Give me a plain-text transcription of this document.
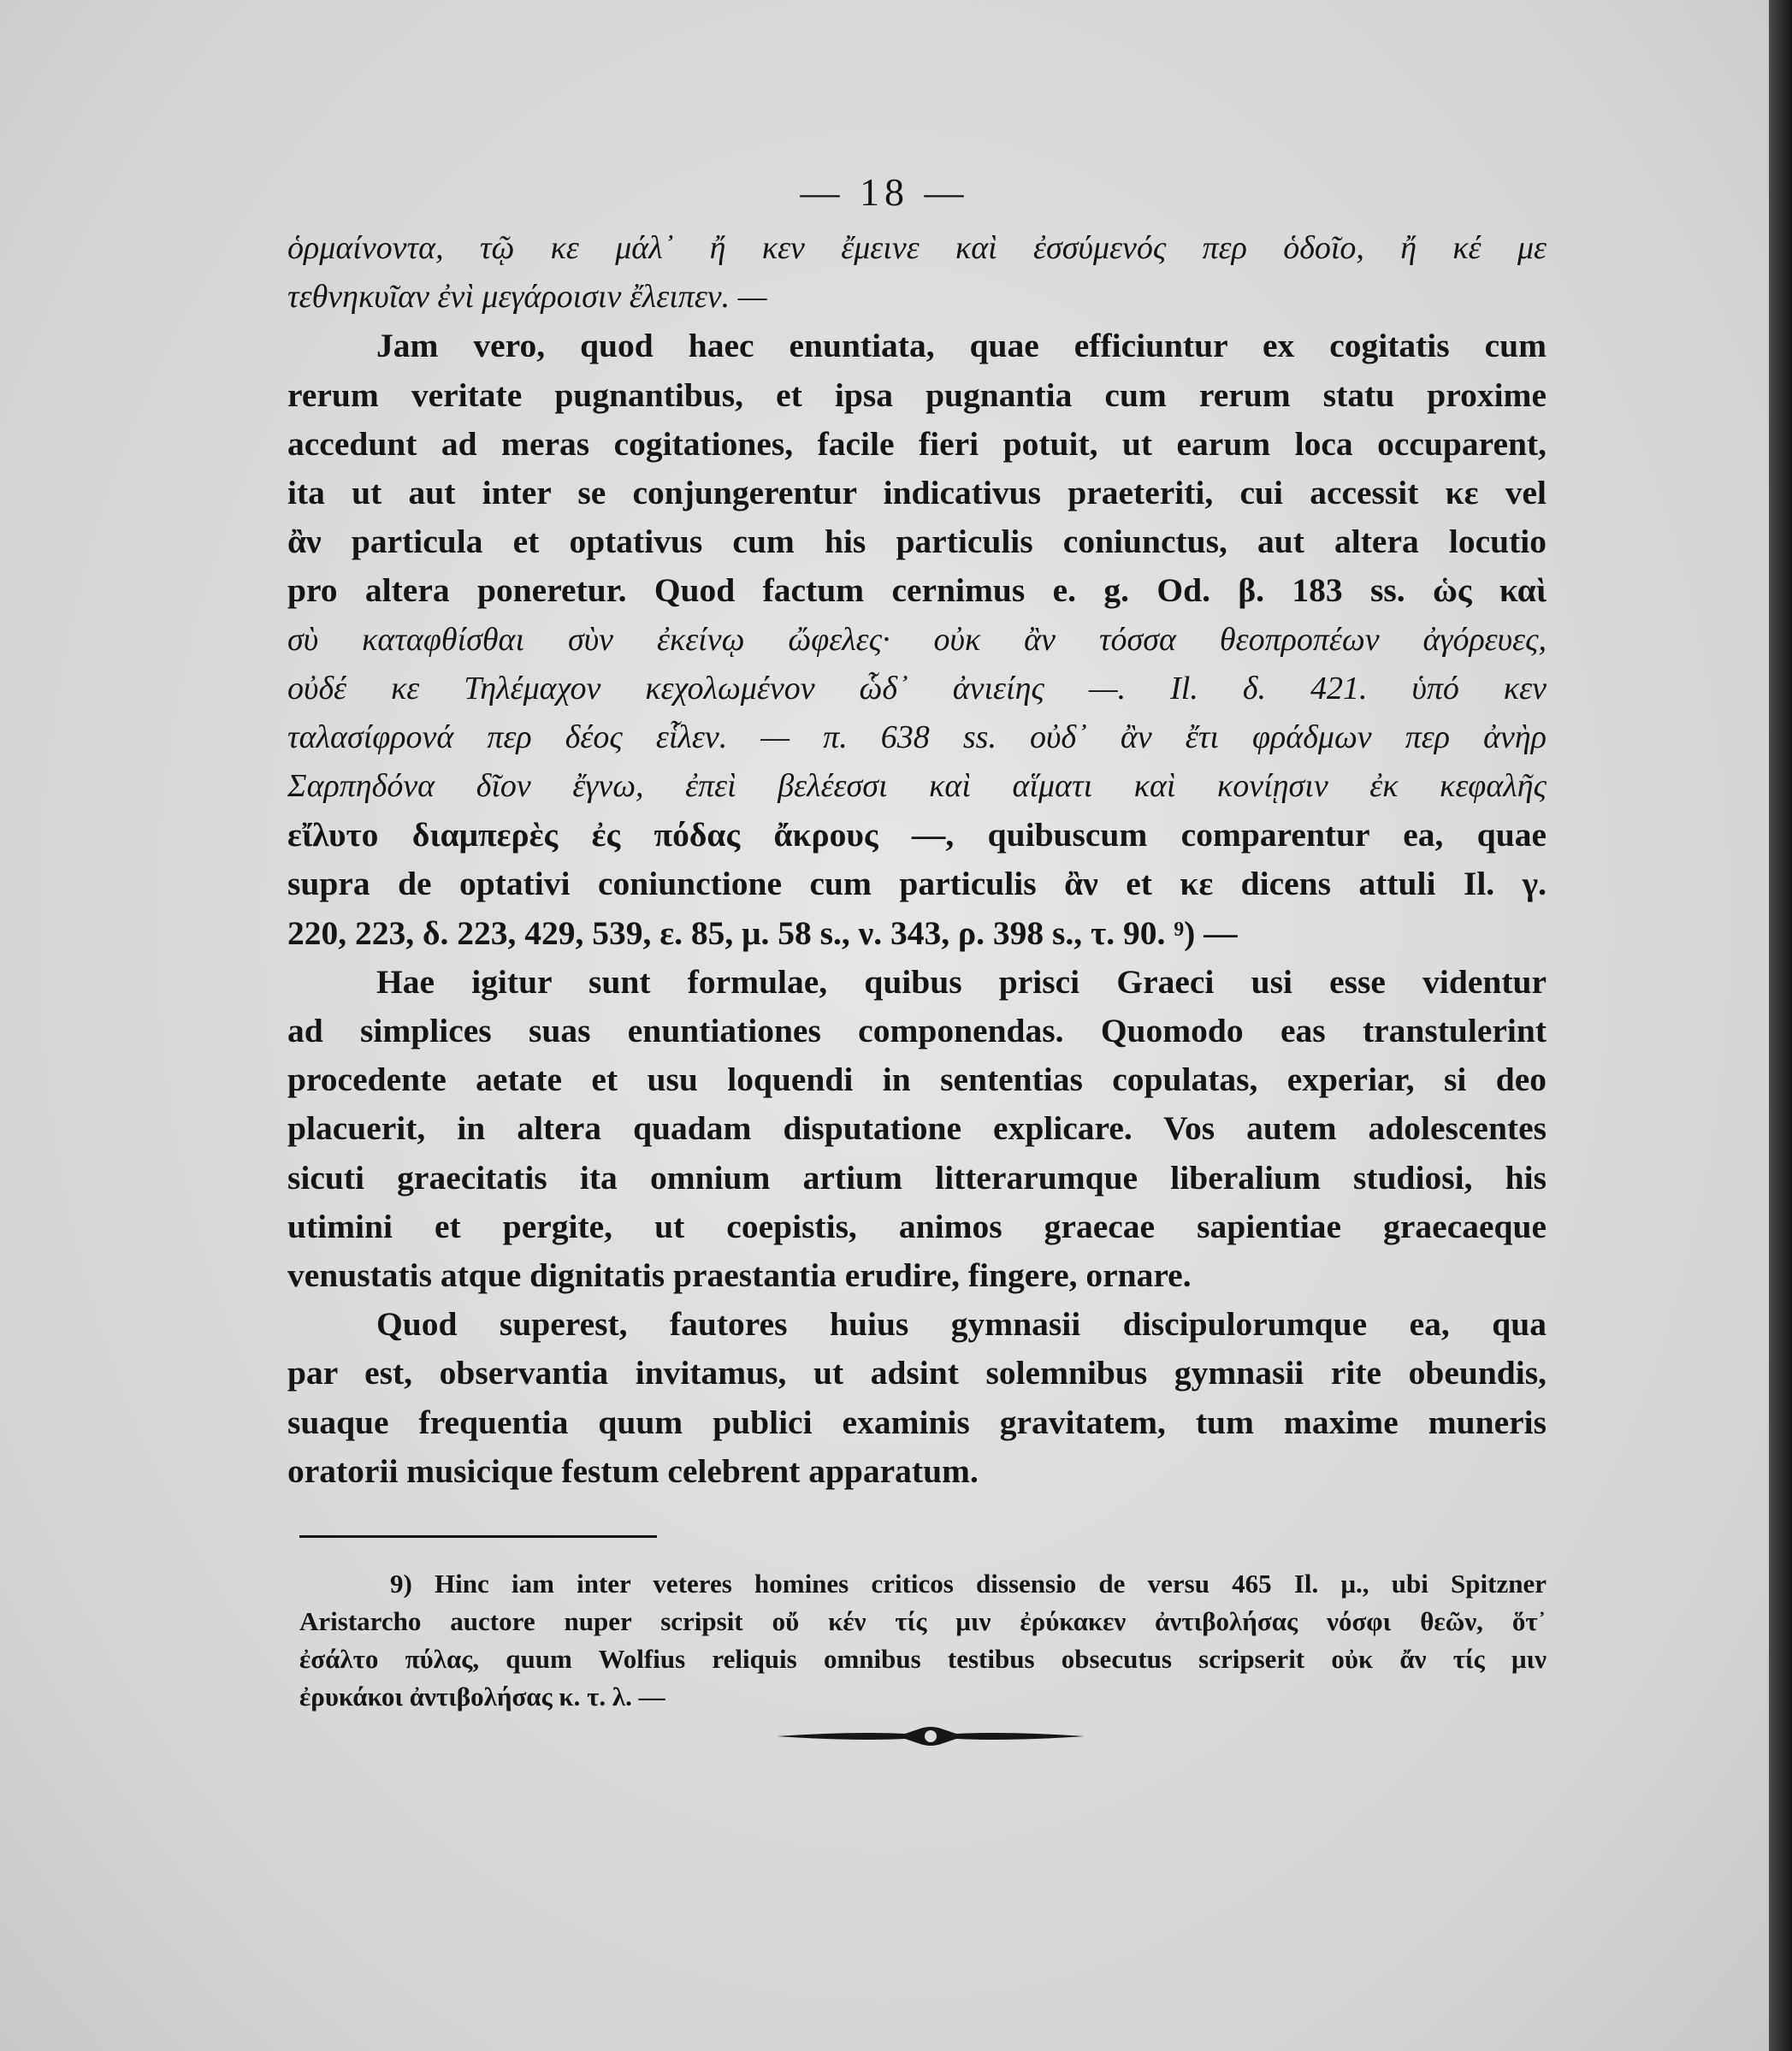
— 18 —
ὁρμαίνοντα, τῷ κε μάλ᾽ ἤ κεν ἔμεινε καὶ ἐσσύμενός περ ὁδοῖο, ἤ κέ με
τεθνηκυῖαν ἐνὶ μεγάροισιν ἔλειπεν. —
Jam vero, quod haec enuntiata, quae efficiuntur ex cogitatis cum
rerum veritate pugnantibus, et ipsa pugnantia cum rerum statu proxime
accedunt ad meras cogitationes, facile fieri potuit, ut earum loca occuparent,
ita ut aut inter se conjungerentur indicativus praeteriti, cui accessit κε vel
ἂν particula et optativus cum his particulis coniunctus, aut altera locutio
pro altera poneretur. Quod factum cernimus e. g. Od. β. 183 ss. ὡς καὶ
σὺ καταφθίσθαι σὺν ἐκείνῳ ὤφελες· οὐκ ἂν τόσσα θεοπροπέων ἀγόρευες,
οὐδέ κε Τηλέμαχον κεχολωμένον ὧδ᾽ ἀνιείης —. Il. δ. 421. ὑπό κεν
ταλασίφρονά περ δέος εἷλεν. — π. 638 ss. οὐδ᾽ ἂν ἔτι φράδμων περ ἀνὴρ
Σαρπηδόνα δῖον ἔγνω, ἐπεὶ βελέεσσι καὶ αἵματι καὶ κονίῃσιν ἐκ κεφαλῆς
εἴλυτο διαμπερὲς ἐς πόδας ἄκρους —, quibuscum comparentur ea, quae
supra de optativi coniunctione cum particulis ἂν et κε dicens attuli Il. γ.
220, 223, δ. 223, 429, 539, ε. 85, μ. 58 s., ν. 343, ρ. 398 s., τ. 90. ⁹) —
Hae igitur sunt formulae, quibus prisci Graeci usi esse videntur
ad simplices suas enuntiationes componendas. Quomodo eas transtulerint
procedente aetate et usu loquendi in sententias copulatas, experiar, si deo
placuerit, in altera quadam disputatione explicare. Vos autem adolescentes
sicuti graecitatis ita omnium artium litterarumque liberalium studiosi, his
utimini et pergite, ut coepistis, animos graecae sapientiae graecaeque
venustatis atque dignitatis praestantia erudire, fingere, ornare.
Quod superest, fautores huius gymnasii discipulorumque ea, qua
par est, observantia invitamus, ut adsint solemnibus gymnasii rite obeundis,
suaque frequentia quum publici examinis gravitatem, tum maxime muneris
oratorii musicique festum celebrent apparatum.
9) Hinc iam inter veteres homines criticos dissensio de versu 465 Il. μ., ubi Spitzner
Aristarcho auctore nuper scripsit οὔ κέν τίς μιν ἐρύκακεν ἀντιβολήσας νόσφι θεῶν, ὅτ᾽
ἐσάλτο πύλας, quum Wolfius reliquis omnibus testibus obsecutus scripserit οὐκ ἄν τίς μιν
ἐρυκάκοι ἀντιβολήσας κ. τ. λ. —
